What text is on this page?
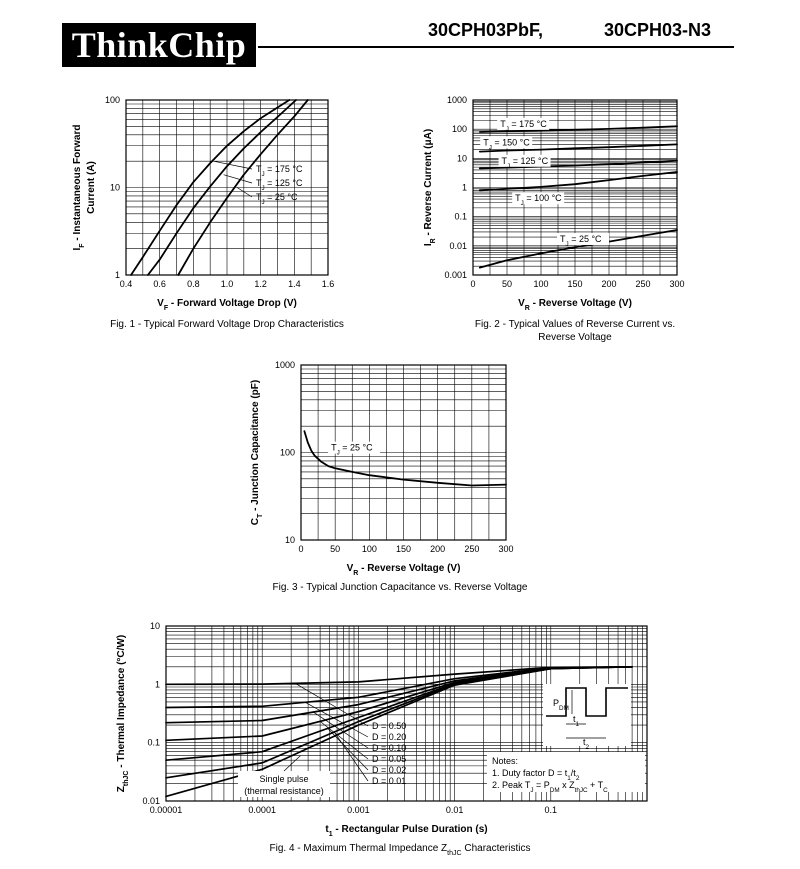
ThinkChip	30CPH03PbF,	30CPH03-N3
0.4 0.6 0.8 1.0 1.2 1.4 1.6
1
10
100
$V_F$ - Forward Voltage Drop (V)
$I_F$ - Instantaneous Forward Current (A)
Fig. 1 - Typical Forward Voltage Drop Characteristics
$T_J = 175$ °C
$T_J = 125$ °C
$T_J = 25$ °C
0	50 100 150 200 250 300
0.001
0.01
0.1
1
10
100
1000
$V_R$ - Reverse Voltage (V)
$I_R$ - Reverse Current (μA)
Fig. 2 - Typical Values of Reverse Current vs.
Reverse Voltage
$T_J = 175$ °C
$T_J = 150$ °C
$T_J = 125$ °C
$T_J = 100$ °C
$T_J = 25$ °C
0	50 100 150 200 250 300
10
100
1000
$V_R$ - Reverse Voltage (V)
$C_T$ - Junction Capacitance (pF)
Fig. 3 - Typical Junction Capacitance vs. Reverse Voltage
$T_J = 25$ °C
0.00001	0.0001	0.001	0.01	0.1
0.01
0.1
1
10
$t_1$ - Rectangular Pulse Duration (s)
$Z_{thJC}$ - Thermal Impedance (°C/W)
Fig. 4 - Maximum Thermal Impedance $Z_{thJC}$ Characteristics
D = 0.50
D = 0.20
D = 0.10
D = 0.05
D = 0.02
D = 0.01
Single pulse
(thermal resistance)
Notes:
1. Duty factor $D = t_1/t_2$
2. Peak $T_J = P_{DM}$ x $Z_{thJC} + T_C$
$P_{DM}$
$t_1$
$t_2$
